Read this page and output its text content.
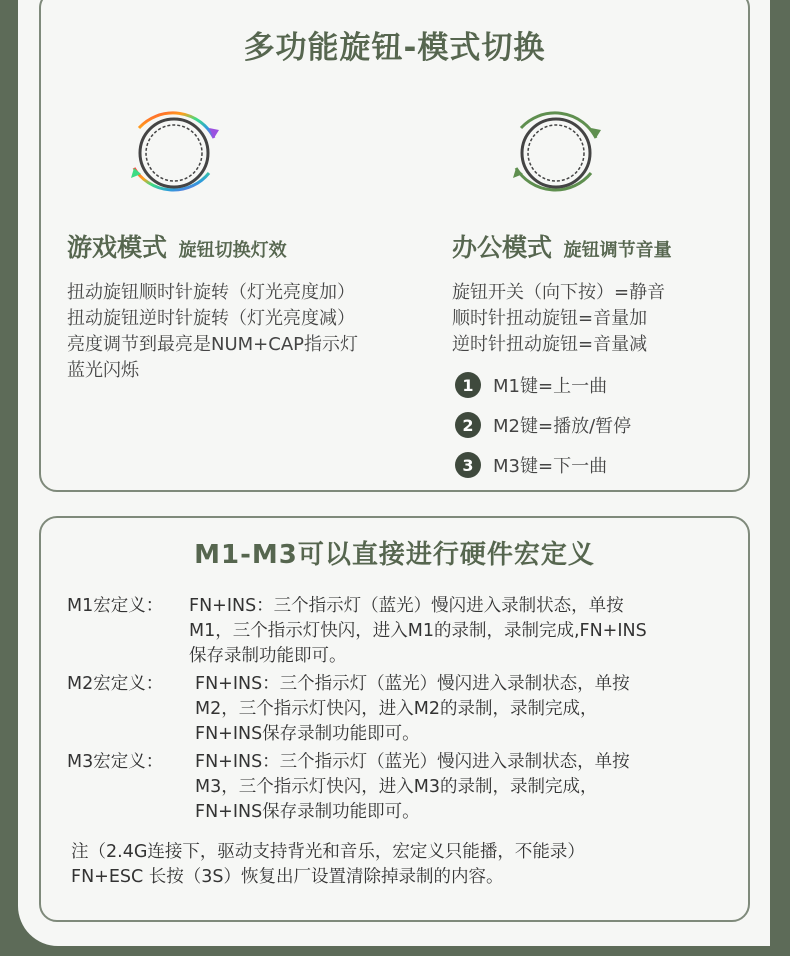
多功能旋钮-模式切换
游戏模式 旋钮切换灯效	办公模式 旋钮调节音量
扭动旋钮顺时针旋转（灯光亮度加）
扭动旋钮逆时针旋转（灯光亮度减）
亮度调节到最亮是NUM+CAP指示灯
蓝光闪烁
旋钮开关（向下按）=静音
顺时针扭动旋钮=音量加
逆时针扭动旋钮=音量减
1	M1键=上一曲
2	M2键=播放/暂停
3	M3键=下一曲
M1-M3可以直接进行硬件宏定义
M1宏定义： FN+INS：三个指示灯（蓝光）慢闪进入录制状态，单按
M1，三个指示灯快闪，进入M1的录制，录制完成,FN+INS
保存录制功能即可。
M2宏定义： FN+INS：三个指示灯（蓝光）慢闪进入录制状态，单按
M2，三个指示灯快闪，进入M2的录制，录制完成，
FN+INS保存录制功能即可。
M3宏定义： FN+INS：三个指示灯（蓝光）慢闪进入录制状态，单按
M3，三个指示灯快闪，进入M3的录制，录制完成，
FN+INS保存录制功能即可。
注（2.4G连接下，驱动支持背光和音乐，宏定义只能播，不能录）
FN+ESC 长按（3S）恢复出厂设置清除掉录制的内容。
